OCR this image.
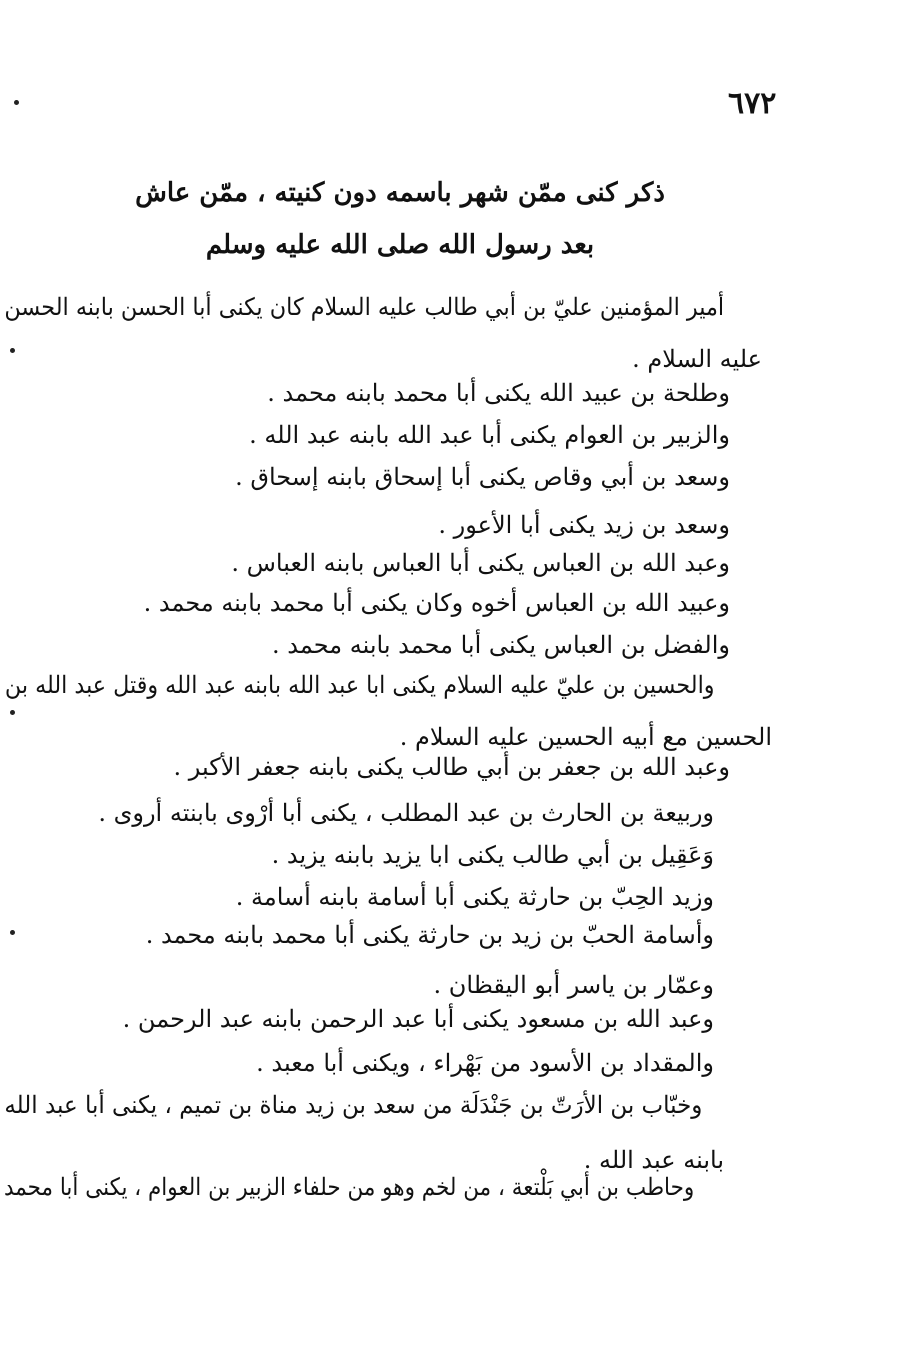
٦٧٢
ذكر كنى ممّن شهر باسمه دون كنيته ، ممّن عاش
بعد رسول الله صلى الله عليه وسلم
أمير المؤمنين عليّ بن أبي طالب عليه السلام كان يكنى أبا الحسن بابنه الحسن
عليه السلام .
وطلحة بن عبيد الله يكنى أبا محمد بابنه محمد .
والزبير بن العوام يكنى أبا عبد الله بابنه عبد الله .
وسعد بن أبي وقاص يكنى أبا إسحاق بابنه إسحاق .
وسعد بن زيد يكنى أبا الأعور .
وعبد الله بن العباس يكنى أبا العباس بابنه العباس .
وعبيد الله بن العباس أخوه وكان يكنى أبا محمد بابنه محمد .
والفضل بن العباس يكنى أبا محمد بابنه محمد .
والحسين بن عليّ عليه السلام يكنى ابا عبد الله بابنه عبد الله وقتل عبد الله بن
الحسين مع أبيه الحسين عليه السلام .
وعبد الله بن جعفر بن أبي طالب يكنى بابنه جعفر الأكبر .
وربيعة بن الحارث بن عبد المطلب ، يكنى أبا أرْوى بابنته أروى .
وَعَقِيل بن أبي طالب يكنى ابا يزيد بابنه يزيد .
وزيد الحِبّ بن حارثة يكنى أبا أسامة بابنه أسامة .
وأسامة الحبّ بن زيد بن حارثة يكنى أبا محمد بابنه محمد .
وعمّار بن ياسر أبو اليقظان .
وعبد الله بن مسعود يكنى أبا عبد الرحمن بابنه عبد الرحمن .
والمقداد بن الأسود من بَهْراء ، ويكنى أبا معبد .
وخبّاب بن الأرَتّ بن جَنْدَلَة من سعد بن زيد مناة بن تميم ، يكنى أبا عبد الله
بابنه عبد الله .
وحاطب بن أبي بَلْتعة ، من لخم وهو من حلفاء الزبير بن العوام ، يكنى أبا محمد
